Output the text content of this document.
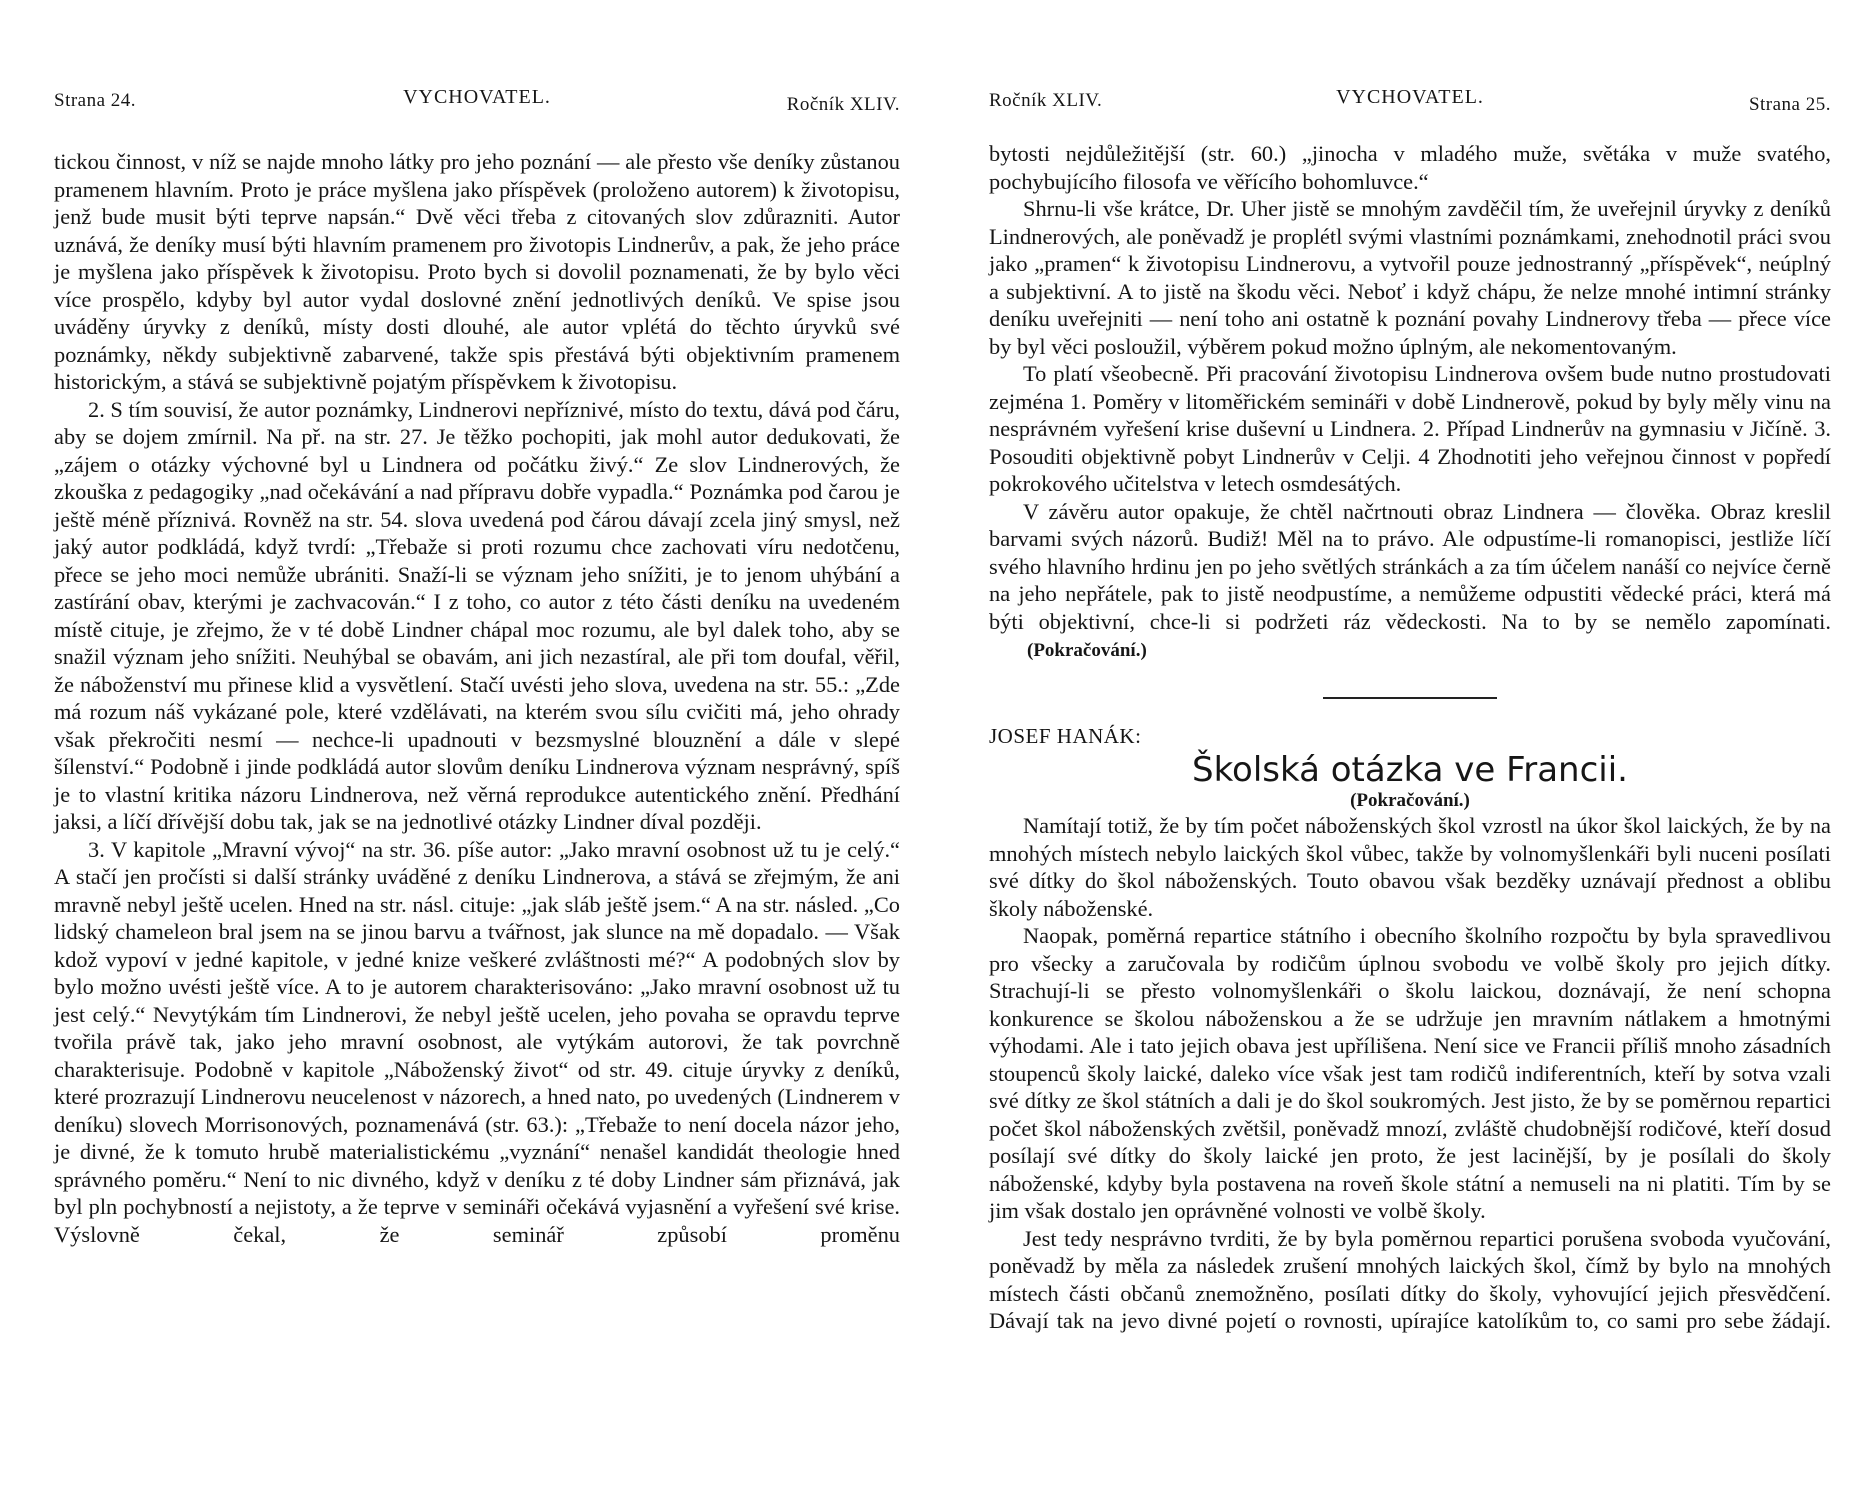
Strana 24.	VYCHOVATEL.	Ročník XLIV.

tickou činnost, v níž se najde mnoho látky pro jeho poznání — ale přesto vše deníky zůstanou pramenem hlavním. Proto je práce myšlena jako příspěvek (proloženo autorem) k životopisu, jenž bude musit býti teprve napsán.“ Dvě věci třeba z citovaných slov zdůrazniti. Autor uznává, že deníky musí býti hlavním pramenem pro životopis Lindnerův, a pak, že jeho práce je myšlena jako příspěvek k životopisu. Proto bych si dovolil poznamenati, že by bylo věci více prospělo, kdyby byl autor vydal doslovné znění jednotlivých deníků. Ve spise jsou uváděny úryvky z deníků, místy dosti dlouhé, ale autor vplétá do těchto úryvků své poznámky, někdy subjektivně zabarvené, takže spis přestává býti objektivním pramenem historickým, a stává se subjektivně pojatým příspěvkem k životopisu.

2. S tím souvisí, že autor poznámky, Lindnerovi nepříznivé, místo do textu, dává pod čáru, aby se dojem zmírnil. Na př. na str. 27. Je těžko pochopiti, jak mohl autor dedukovati, že „zájem o otázky výchovné byl u Lindnera od počátku živý.“ Ze slov Lindnerových, že zkouška z pedagogiky „nad očekávání a nad přípravu dobře vypadla.“ Poznámka pod čarou je ještě méně příznivá. Rovněž na str. 54. slova uvedená pod čárou dávají zcela jiný smysl, než jaký autor podkládá, když tvrdí: „Třebaže si proti rozumu chce zachovati víru nedotčenu, přece se jeho moci nemůže ubrániti. Snaží-li se význam jeho snížiti, je to jenom uhýbání a zastírání obav, kterými je zachvacován.“ I z toho, co autor z této části deníku na uvedeném místě cituje, je zřejmo, že v té době Lindner chápal moc rozumu, ale byl dalek toho, aby se snažil význam jeho snížiti. Neuhýbal se obavám, ani jich nezastíral, ale při tom doufal, věřil, že náboženství mu přinese klid a vysvětlení. Stačí uvésti jeho slova, uvedena na str. 55.: „Zde má rozum náš vykázané pole, které vzdělávati, na kterém svou sílu cvičiti má, jeho ohrady však překročiti nesmí — nechce-li upadnouti v bezsmyslné blouznění a dále v slepé šílenství.“ Podobně i jinde podkládá autor slovům deníku Lindnerova význam nesprávný, spíš je to vlastní kritika názoru Lindnerova, než věrná reprodukce autentického znění. Předhání jaksi, a líčí dřívější dobu tak, jak se na jednotlivé otázky Lindner díval později.

3. V kapitole „Mravní vývoj“ na str. 36. píše autor: „Jako mravní osobnost už tu je celý.“ A stačí jen pročísti si další stránky uváděné z deníku Lindnerova, a stává se zřejmým, že ani mravně nebyl ještě ucelen. Hned na str. násl. cituje: „jak sláb ještě jsem.“ A na str. násled. „Co lidský chameleon bral jsem na se jinou barvu a tvářnost, jak slunce na mě dopadalo. — Však kdož vypoví v jedné kapitole, v jedné knize veškeré zvláštnosti mé?“ A podobných slov by bylo možno uvésti ještě více. A to je autorem charakterisováno: „Jako mravní osobnost už tu jest celý.“ Nevytýkám tím Lindnerovi, že nebyl ještě ucelen, jeho povaha se opravdu teprve tvořila právě tak, jako jeho mravní osobnost, ale vytýkám autorovi, že tak povrchně charakterisuje. Podobně v kapitole „Náboženský život“ od str. 49. cituje úryvky z deníků, které prozrazují Lindnerovu neucelenost v názorech, a hned nato, po uvedených (Lindnerem v deníku) slovech Morrisonových, poznamenává (str. 63.): „Třebaže to není docela názor jeho, je divné, že k tomuto hrubě materialistickému „vyznání“ nenašel kandidát theologie hned správného poměru.“ Není to nic divného, když v deníku z té doby Lindner sám přiznává, jak byl pln pochybností a nejistoty, a že teprve v semináři očekává vyjasnění a vyřešení své krise. Výslovně čekal, že seminář způsobí proměnu

Ročník XLIV.	VYCHOVATEL.	Strana 25.

bytosti nejdůležitější (str. 60.) „jinocha v mladého muže, světáka v muže svatého, pochybujícího filosofa ve věřícího bohomluvce.“

Shrnu-li vše krátce, Dr. Uher jistě se mnohým zavděčil tím, že uveřejnil úryvky z deníků Lindnerových, ale poněvadž je proplétl svými vlastními poznámkami, znehodnotil práci svou jako „pramen“ k životopisu Lindnerovu, a vytvořil pouze jednostranný „příspěvek“, neúplný a subjektivní. A to jistě na škodu věci. Neboť i když chápu, že nelze mnohé intimní stránky deníku uveřejniti — není toho ani ostatně k poznání povahy Lindnerovy třeba — přece více by byl věci posloužil, výběrem pokud možno úplným, ale nekomentovaným.

To platí všeobecně. Při pracování životopisu Lindnerova ovšem bude nutno prostudovati zejména 1. Poměry v litoměřickém semináři v době Lindnerově, pokud by byly měly vinu na nesprávném vyřešení krise duševní u Lindnera. 2. Případ Lindnerův na gymnasiu v Jičíně. 3. Posouditi objektivně pobyt Lindnerův v Celji. 4 Zhodnotiti jeho veřejnou činnost v popředí pokrokového učitelstva v letech osmdesátých.

V závěru autor opakuje, že chtěl načrtnouti obraz Lindnera — člověka. Obraz kreslil barvami svých názorů. Budiž! Měl na to právo. Ale odpustíme-li romanopisci, jestliže líčí svého hlavního hrdinu jen po jeho světlých stránkách a za tím účelem nanáší co nejvíce černě na jeho nepřátele, pak to jistě neodpustíme, a nemůžeme odpustiti vědecké práci, která má býti objektivní, chce-li si podržeti ráz vědeckosti. Na to by se nemělo zapomínati.(Pokračování.)

JOSEF HANÁK:

Školská otázka ve Francii.

(Pokračování.)

Namítají totiž, že by tím počet náboženských škol vzrostl na úkor škol laických, že by na mnohých místech nebylo laických škol vůbec, takže by volnomyšlenkáři byli nuceni posílati své dítky do škol náboženských. Touto obavou však bezděky uznávají přednost a oblibu školy náboženské.

Naopak, poměrná repartice státního i obecního školního rozpočtu by byla spravedlivou pro všecky a zaručovala by rodičům úplnou svobodu ve volbě školy pro jejich dítky. Strachují-li se přesto volnomyšlenkáři o školu laickou, doznávají, že není schopna konkurence se školou náboženskou a že se udržuje jen mravním nátlakem a hmotnými výhodami. Ale i tato jejich obava jest upřílišena. Není sice ve Francii příliš mnoho zásadních stoupenců školy laické, daleko více však jest tam rodičů indiferentních, kteří by sotva vzali své dítky ze škol státních a dali je do škol soukromých. Jest jisto, že by se poměrnou repartici počet škol náboženských zvětšil, poněvadž mnozí, zvláště chudobnější rodičové, kteří dosud posílají své dítky do školy laické jen proto, že jest lacinější, by je posílali do školy náboženské, kdyby byla postavena na roveň škole státní a nemuseli na ni platiti. Tím by se jim však dostalo jen oprávněné volnosti ve volbě školy.

Jest tedy nesprávno tvrditi, že by byla poměrnou repartici porušena svoboda vyučování, poněvadž by měla za následek zrušení mnohých laických škol, čímž by bylo na mnohých místech části občanů znemožněno, posílati dítky do školy, vyhovující jejich přesvědčení. Dávají tak na jevo divné pojetí o rovnosti, upírajíce katolíkům to, co sami pro sebe žádají.
